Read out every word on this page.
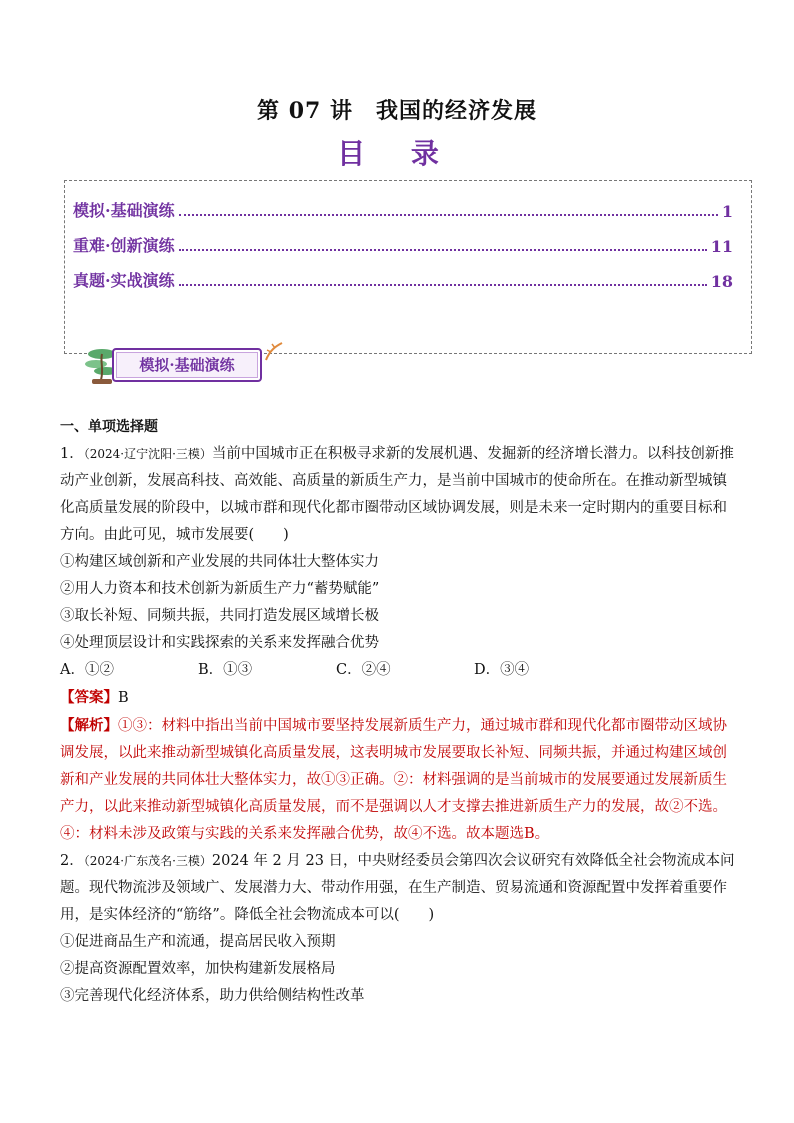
第 07 讲　我国的经济发展
目 录
模拟·基础演练	1
重难·创新演练	11
真题·实战演练	18
模拟·基础演练

一、单项选择题

1．（2024·辽宁沈阳·三模）当前中国城市正在积极寻求新的发展机遇、发掘新的经济增长潜力。以科技创新推动产业创新，发展高科技、高效能、高质量的新质生产力，是当前中国城市的使命所在。在推动新型城镇化高质量发展的阶段中，以城市群和现代化都市圈带动区域协调发展，则是未来一定时期内的重要目标和方向。由此可见，城市发展要(　　)

①构建区域创新和产业发展的共同体壮大整体实力

②用人力资本和技术创新为新质生产力“蓄势赋能”

③取长补短、同频共振，共同打造发展区域增长极

④处理顶层设计和实践探索的关系来发挥融合优势

A．①②	B．①③	C．②④	D．③④

【答案】B

【解析】①③：材料中指出当前中国城市要坚持发展新质生产力，通过城市群和现代化都市圈带动区域协调发展，以此来推动新型城镇化高质量发展，这表明城市发展要取长补短、同频共振，并通过构建区域创新和产业发展的共同体壮大整体实力，故①③正确。②：材料强调的是当前城市的发展要通过发展新质生产力，以此来推动新型城镇化高质量发展，而不是强调以人才支撑去推进新质生产力的发展，故②不选。④：材料未涉及政策与实践的关系来发挥融合优势，故④不选。故本题选B。

2．（2024·广东茂名·三模）2024 年 2 月 23 日，中央财经委员会第四次会议研究有效降低全社会物流成本问题。现代物流涉及领域广、发展潜力大、带动作用强，在生产制造、贸易流通和资源配置中发挥着重要作用，是实体经济的“筋络”。降低全社会物流成本可以(　　)

①促进商品生产和流通，提高居民收入预期

②提高资源配置效率，加快构建新发展格局

③完善现代化经济体系，助力供给侧结构性改革
